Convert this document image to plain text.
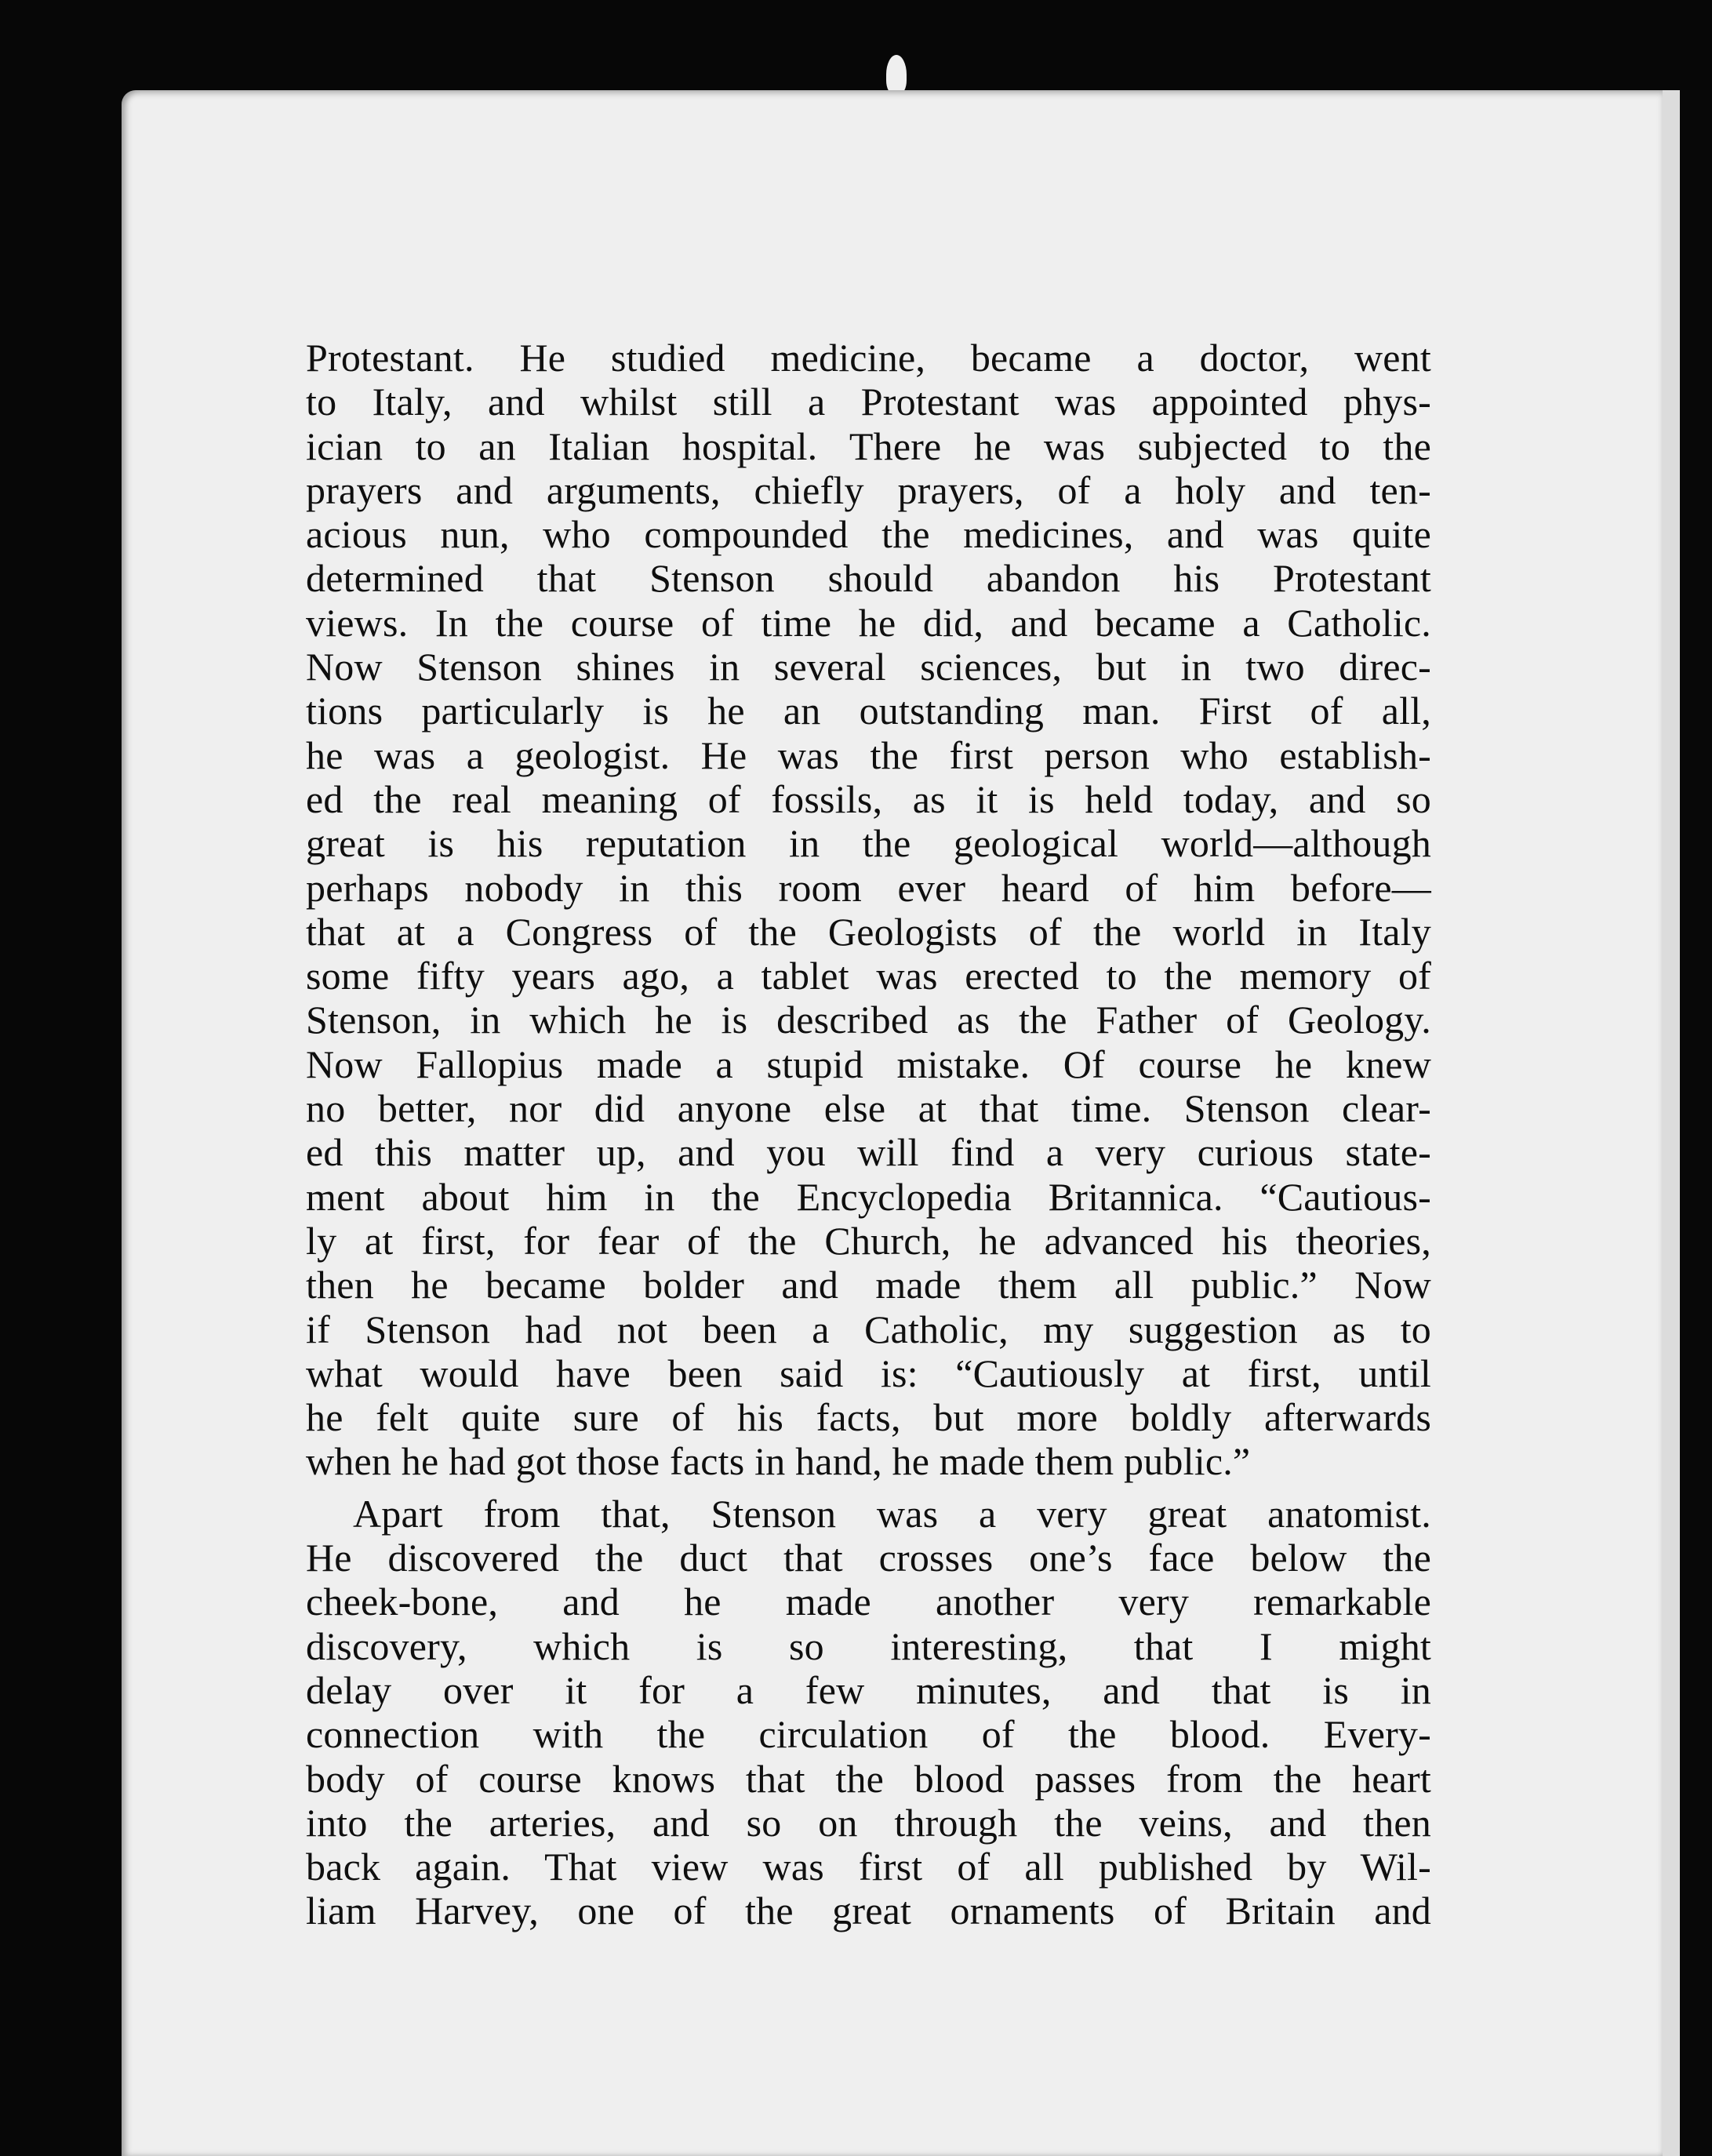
Protestant. He studied medicine, became a doctor, went
to Italy, and whilst still a Protestant was appointed phys-
ician to an Italian hospital. There he was subjected to the
prayers and arguments, chiefly prayers, of a holy and ten-
acious nun, who compounded the medicines, and was quite
determined that Stenson should abandon his Protestant
views. In the course of time he did, and became a Catholic.
Now Stenson shines in several sciences, but in two direc-
tions particularly is he an outstanding man. First of all,
he was a geologist. He was the first person who establish-
ed the real meaning of fossils, as it is held today, and so
great is his reputation in the geological world—although
perhaps nobody in this room ever heard of him before—
that at a Congress of the Geologists of the world in Italy
some fifty years ago, a tablet was erected to the memory of
Stenson, in which he is described as the Father of Geology.
Now Fallopius made a stupid mistake. Of course he knew
no better, nor did anyone else at that time. Stenson clear-
ed this matter up, and you will find a very curious state-
ment about him in the Encyclopedia Britannica. “Cautious-
ly at first, for fear of the Church, he advanced his theories,
then he became bolder and made them all public.” Now
if Stenson had not been a Catholic, my suggestion as to
what would have been said is: “Cautiously at first, until
he felt quite sure of his facts, but more boldly afterwards
when he had got those facts in hand, he made them public.”
Apart from that, Stenson was a very great anatomist.
He discovered the duct that crosses one’s face below the
cheek-bone, and he made another very remarkable
discovery, which is so interesting, that I might
delay over it for a few minutes, and that is in
connection with the circulation of the blood. Every-
body of course knows that the blood passes from the heart
into the arteries, and so on through the veins, and then
back again. That view was first of all published by Wil-
liam Harvey, one of the great ornaments of Britain and
